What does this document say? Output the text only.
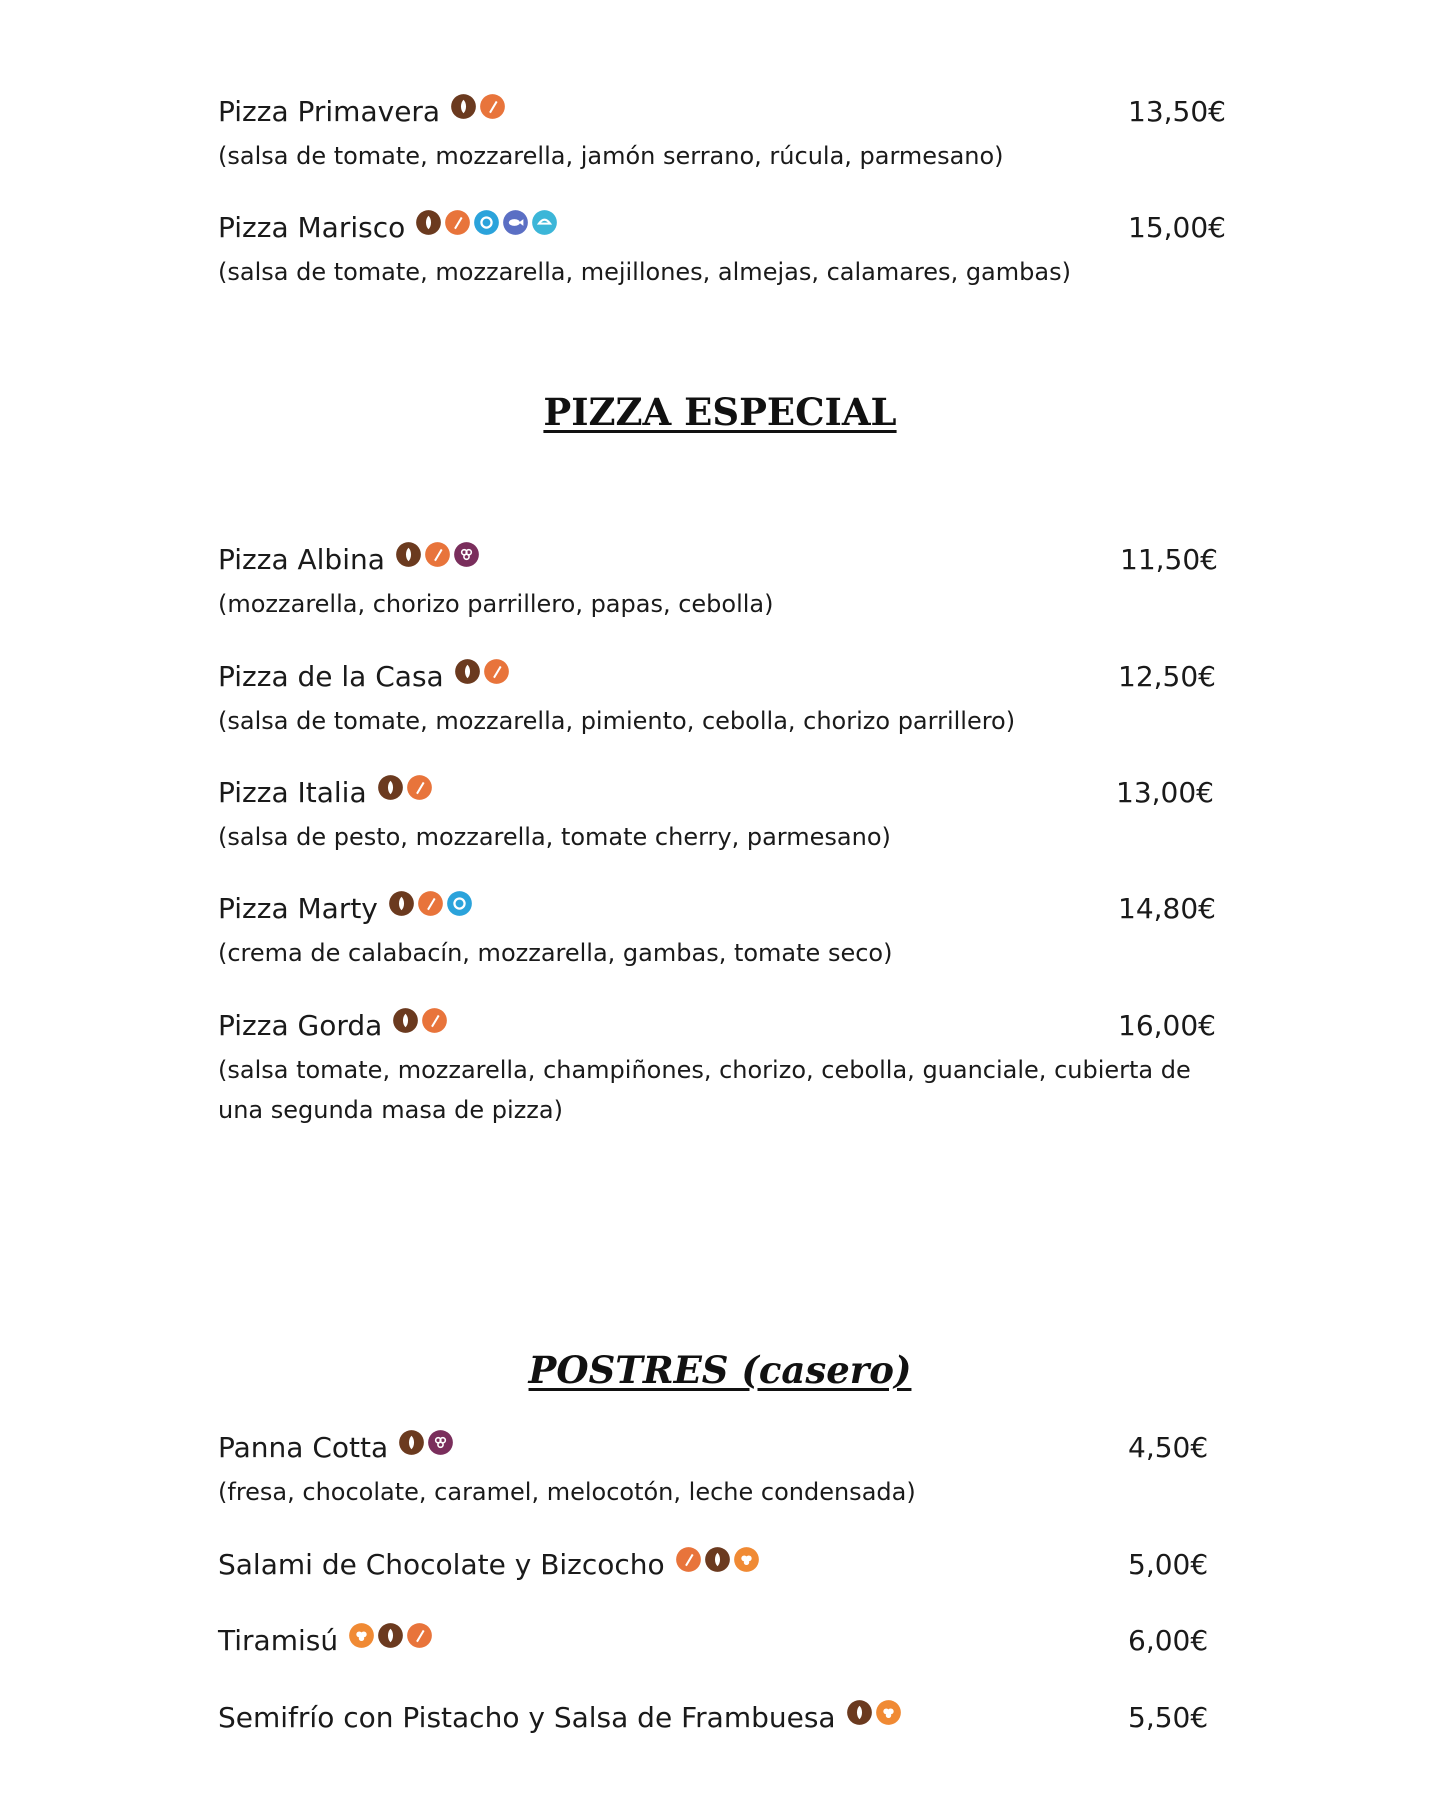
Pizza Primavera	13,50€
(salsa de tomate, mozzarella, jamón serrano, rúcula, parmesano)
Pizza Marisco	15,00€
(salsa de tomate, mozzarella, mejillones, almejas, calamares, gambas)
PIZZA ESPECIAL
Pizza Albina	11,50€
(mozzarella, chorizo parrillero, papas, cebolla)
Pizza de la Casa	12,50€
(salsa de tomate, mozzarella, pimiento, cebolla, chorizo parrillero)
Pizza Italia	13,00€
(salsa de pesto, mozzarella, tomate cherry, parmesano)
Pizza Marty	14,80€
(crema de calabacín, mozzarella, gambas, tomate seco)
Pizza Gorda	16,00€
(salsa tomate, mozzarella, champiñones, chorizo, cebolla, guanciale, cubierta de una segunda masa de pizza)
POSTRES (casero)
Panna Cotta	4,50€
(fresa, chocolate, caramel, melocotón, leche condensada)
Salami de Chocolate y Bizcocho	5,00€
Tiramisú	6,00€
Semifrío con Pistacho y Salsa de Frambuesa	5,50€
